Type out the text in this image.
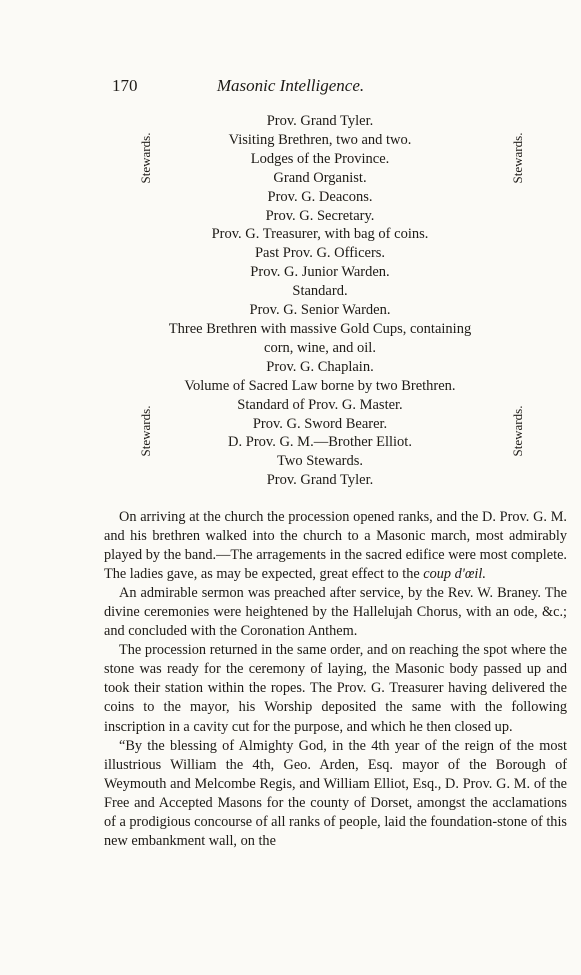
170	Masonic Intelligence.
Stewards.	Stewards.
Stewards.	Stewards.
Prov. Grand Tyler.
Visiting Brethren, two and two.
Lodges of the Province.
Grand Organist.
Prov. G. Deacons.
Prov. G. Secretary.
Prov. G. Treasurer, with bag of coins.
Past Prov. G. Officers.
Prov. G. Junior Warden.
Standard.
Prov. G. Senior Warden.
Three Brethren with massive Gold Cups, containing
corn, wine, and oil.
Prov. G. Chaplain.
Volume of Sacred Law borne by two Brethren.
Standard of Prov. G. Master.
Prov. G. Sword Bearer.
D. Prov. G. M.—Brother Elliot.
Two Stewards.
Prov. Grand Tyler.

On arriving at the church the procession opened ranks, and the D. Prov. G. M. and his brethren walked into the church to a Masonic march, most admirably played by the band.—The arragements in the sacred edifice were most complete. The ladies gave, as may be expected, great effect to the coup d'œil.

An admirable sermon was preached after service, by the Rev. W. Braney. The divine ceremonies were heightened by the Hallelujah Chorus, with an ode, &c.; and concluded with the Coronation Anthem.

The procession returned in the same order, and on reaching the spot where the stone was ready for the ceremony of laying, the Masonic body passed up and took their station within the ropes. The Prov. G. Treasurer having delivered the coins to the mayor, his Worship deposited the same with the following inscription in a cavity cut for the purpose, and which he then closed up.

“By the blessing of Almighty God, in the 4th year of the reign of the most illustrious William the 4th, Geo. Arden, Esq. mayor of the Borough of Weymouth and Melcombe Regis, and William Elliot, Esq., D. Prov. G. M. of the Free and Accepted Masons for the county of Dorset, amongst the acclamations of a prodigious concourse of all ranks of people, laid the foundation-stone of this new embankment wall, on the
